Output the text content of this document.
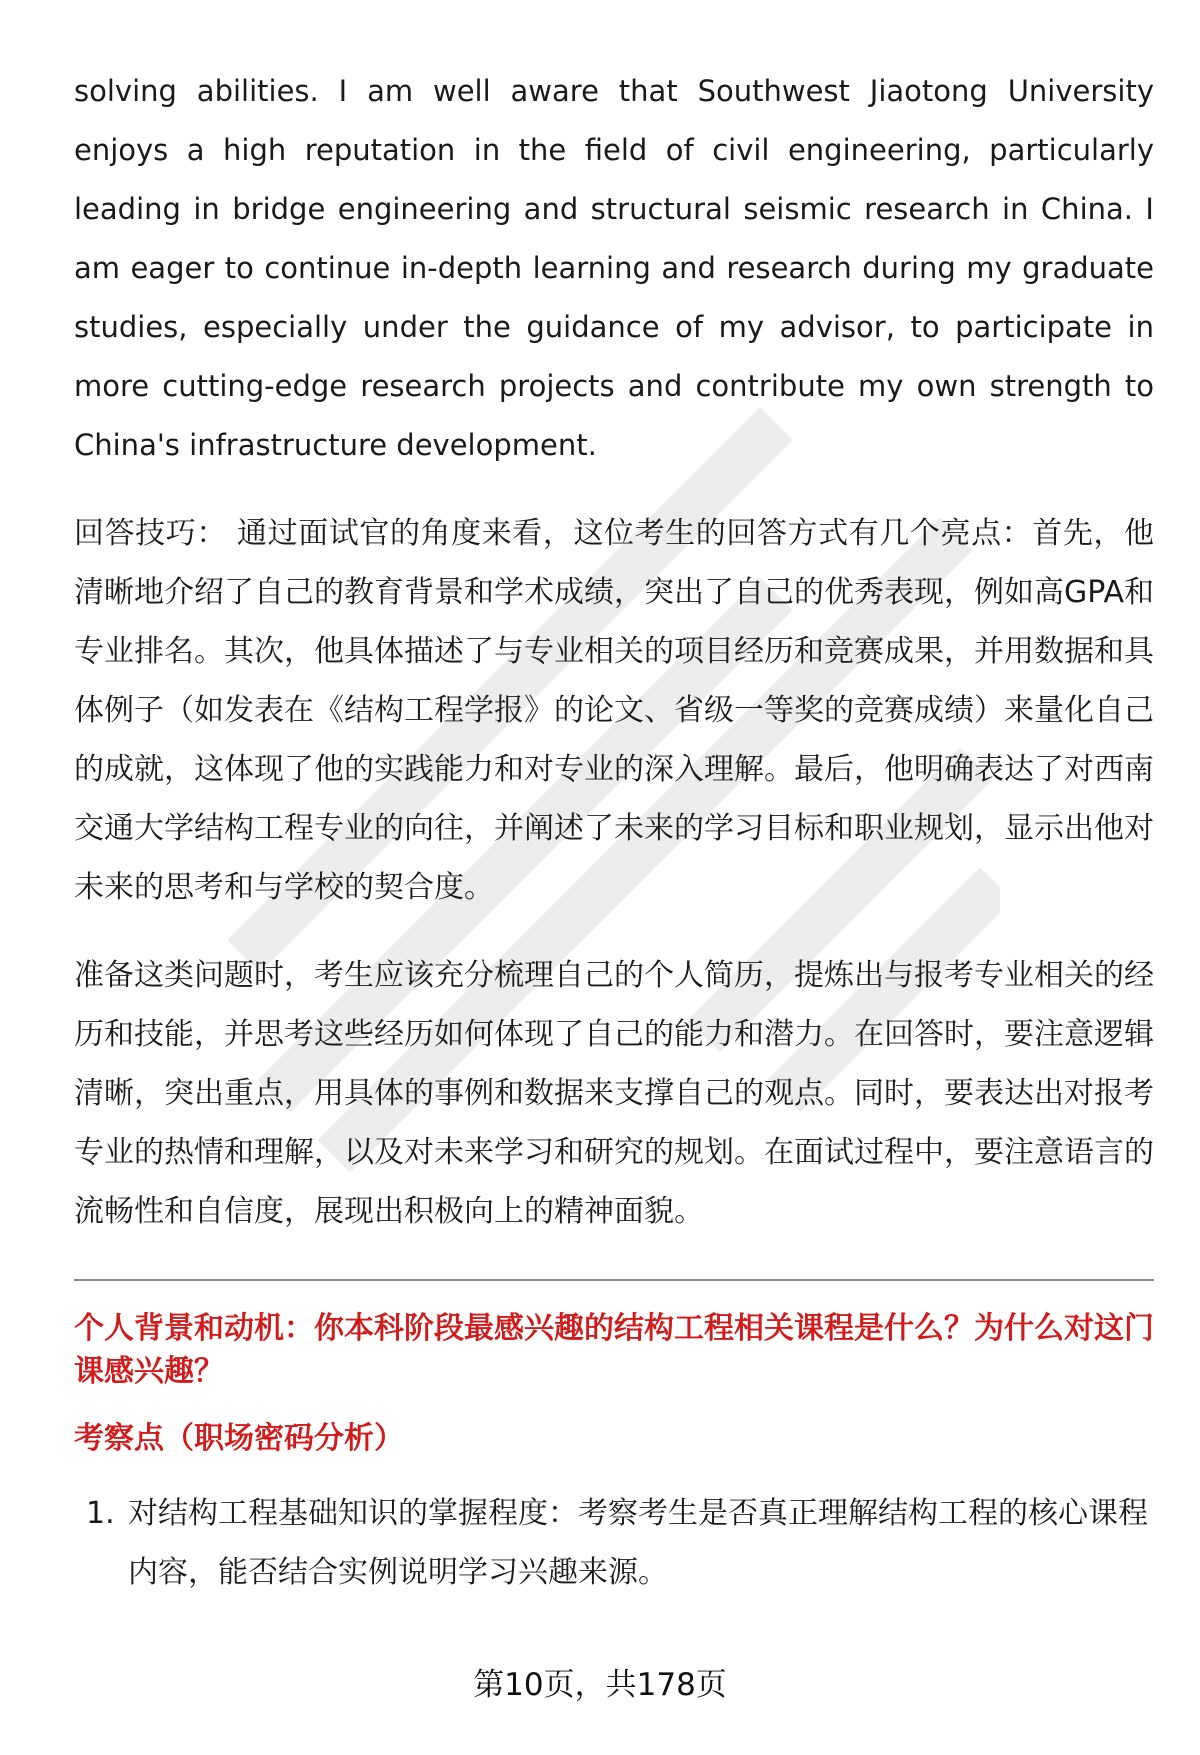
solving abilities. I am well aware that Southwest Jiaotong University enjoys a high reputation in the field of civil engineering, particularly leading in bridge engineering and structural seismic research in China. I am eager to continue in-depth learning and research during my graduate studies, especially under the guidance of my advisor, to participate in more cutting-edge research projects and contribute my own strength to China's infrastructure development.

回答技巧： 通过面试官的角度来看，这位考生的回答方式有几个亮点：首先，他清晰地介绍了自己的教育背景和学术成绩，突出了自己的优秀表现，例如高GPA和专业排名。其次，他具体描述了与专业相关的项目经历和竞赛成果，并用数据和具体例子（如发表在《结构工程学报》的论文、省级一等奖的竞赛成绩）来量化自己的成就，这体现了他的实践能力和对专业的深入理解。最后，他明确表达了对西南交通大学结构工程专业的向往，并阐述了未来的学习目标和职业规划，显示出他对未来的思考和与学校的契合度。

准备这类问题时，考生应该充分梳理自己的个人简历，提炼出与报考专业相关的经历和技能，并思考这些经历如何体现了自己的能力和潜力。在回答时，要注意逻辑清晰，突出重点，用具体的事例和数据来支撑自己的观点。同时，要表达出对报考专业的热情和理解，以及对未来学习和研究的规划。在面试过程中，要注意语言的流畅性和自信度，展现出积极向上的精神面貌。

个人背景和动机：你本科阶段最感兴趣的结构工程相关课程是什么？为什么对这门课感兴趣？
考察点（职场密码分析）
1. 对结构工程基础知识的掌握程度：考察考生是否真正理解结构工程的核心课程内容，能否结合实例说明学习兴趣来源。
第10页，共178页
